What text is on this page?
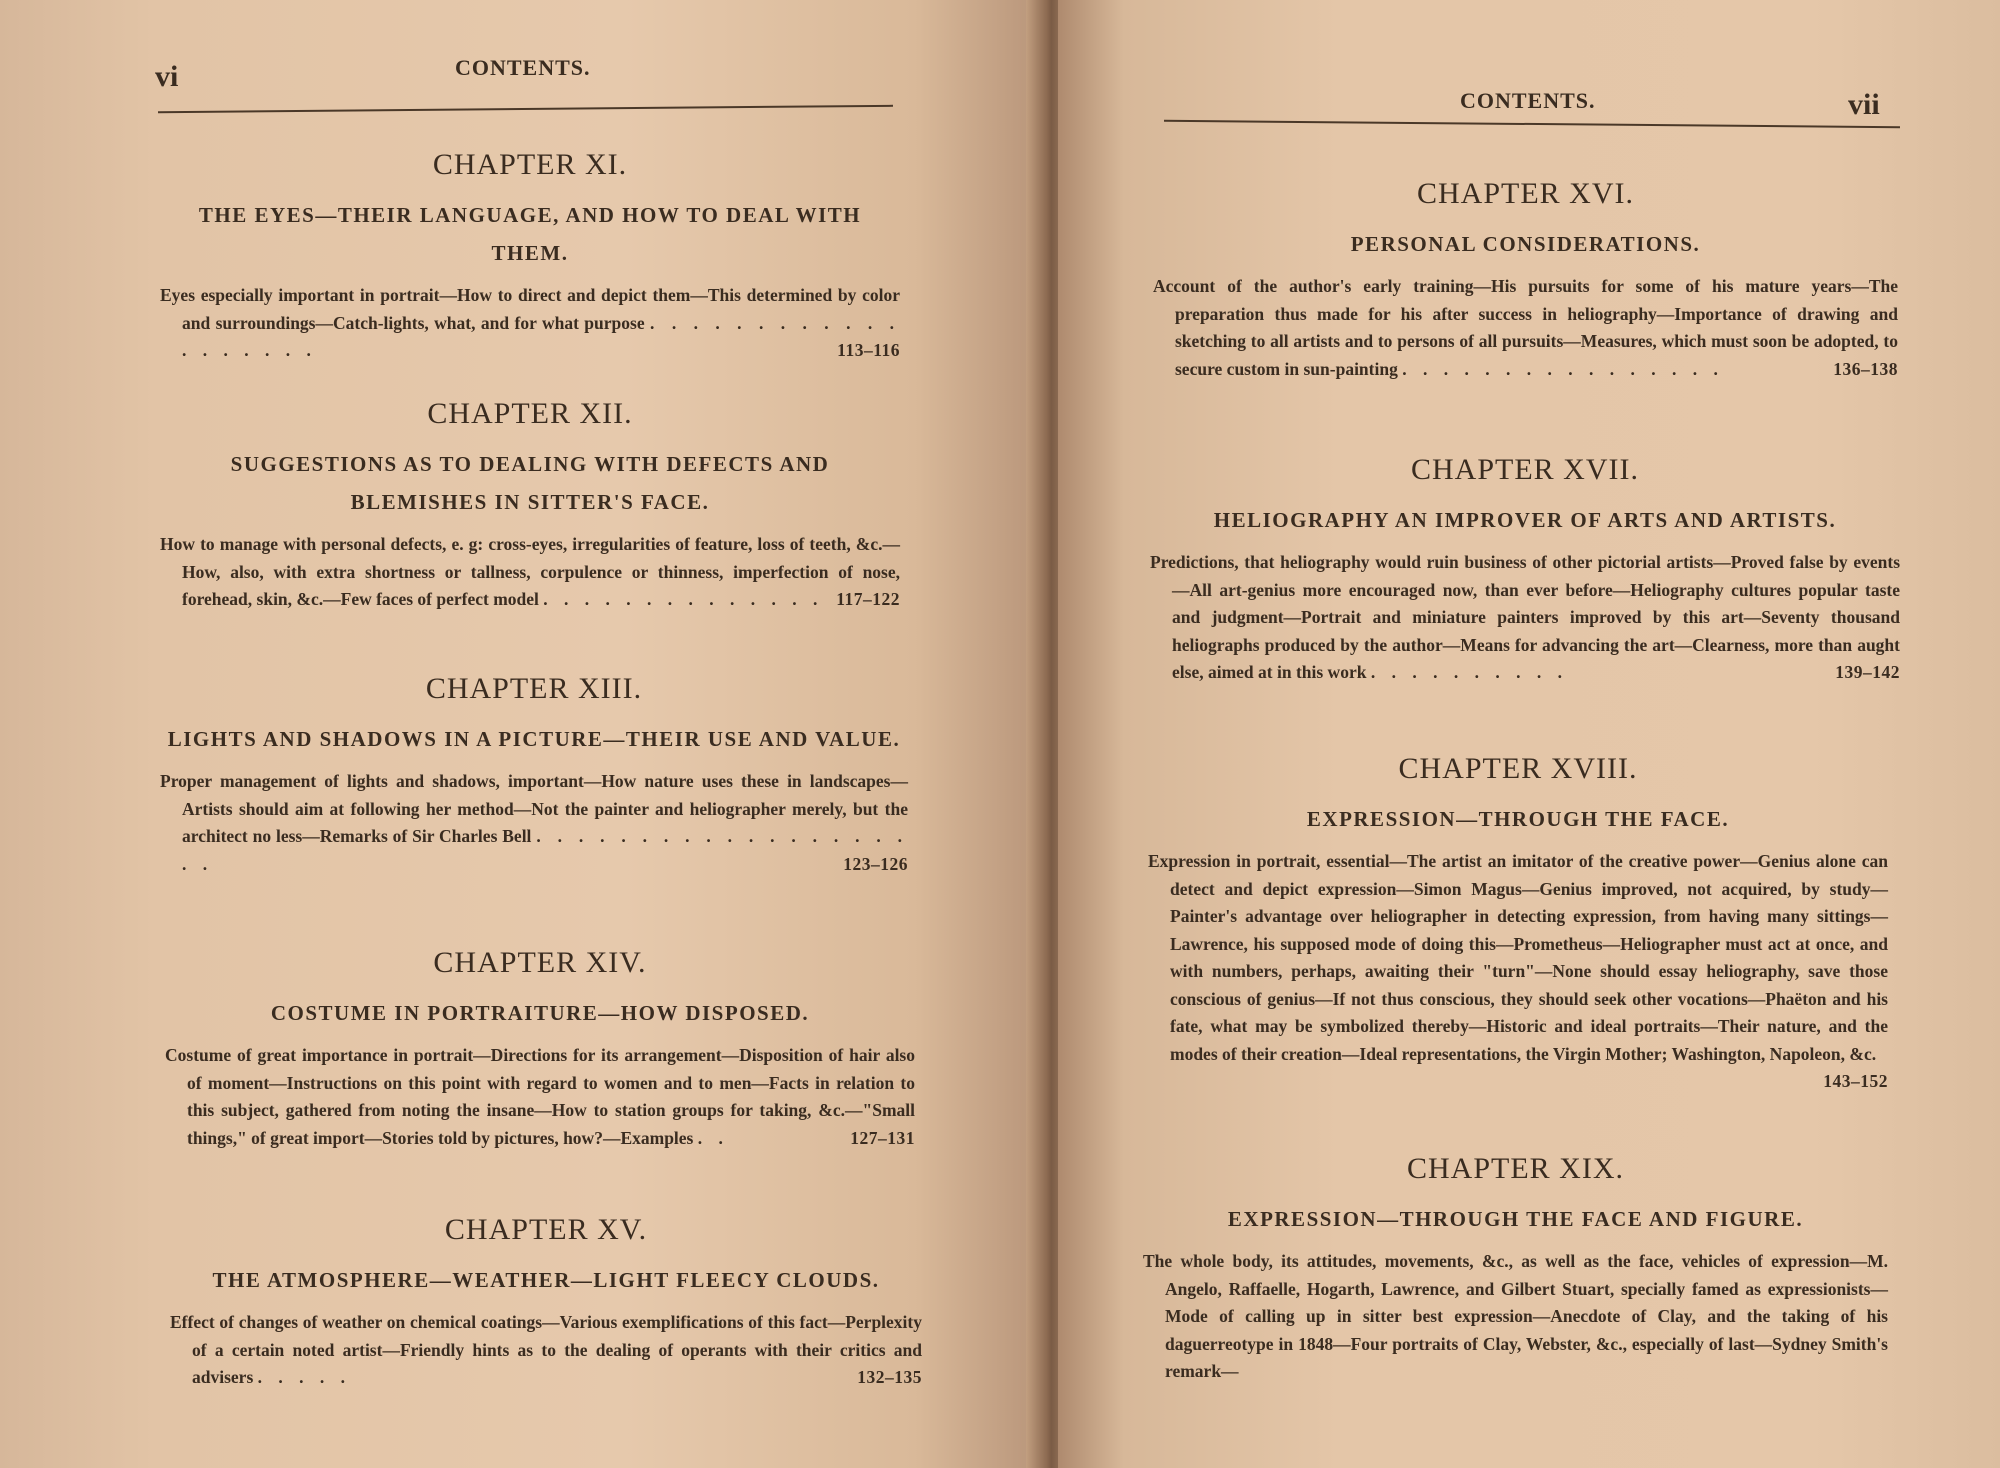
vi	CONTENTS.
CHAPTER XI.

THE EYES—THEIR LANGUAGE, AND HOW TO DEAL WITH THEM.

Eyes especially important in portrait—How to direct and depict them—This determined by color and surroundings—Catch-lights, what, and for what purpose . . . . . . . . . . . . . . . . . . .	113–116

CHAPTER XII.

SUGGESTIONS AS TO DEALING WITH DEFECTS AND BLEMISHES IN SITTER'S FACE.

How to manage with personal defects, e. g: cross-eyes, irregularities of feature, loss of teeth, &c.—How, also, with extra shortness or tallness, corpulence or thinness, imperfection of nose, forehead, skin, &c.—Few faces of perfect model . . . . . . . . . . . . . . 117–122

CHAPTER XIII.

LIGHTS AND SHADOWS IN A PICTURE—THEIR USE AND VALUE.

Proper management of lights and shadows, important—How nature uses these in landscapes—Artists should aim at following her method—Not the painter and heliographer merely, but the architect no less—Remarks of Sir Charles Bell . . . . . . . . . . . . . . . . . . . .	123–126

CHAPTER XIV.

COSTUME IN PORTRAITURE—HOW DISPOSED.

Costume of great importance in portrait—Directions for its arrangement—Disposition of hair also of moment—Instructions on this point with regard to women and to men—Facts in relation to this subject, gathered from noting the insane—How to station groups for taking, &c.—"Small things," of great import—Stories told by pictures, how?—Examples . .	127–131

CHAPTER XV.

THE ATMOSPHERE—WEATHER—LIGHT FLEECY CLOUDS.

Effect of changes of weather on chemical coatings—Various exemplifications of this fact—Perplexity of a certain noted artist—Friendly hints as to the dealing of operants with their critics and advisers . . . . .	132–135

CONTENTS.	vii
CHAPTER XVI.

PERSONAL CONSIDERATIONS.

Account of the author's early training—His pursuits for some of his mature years—The preparation thus made for his after success in heliography—Importance of drawing and sketching to all artists and to persons of all pursuits—Measures, which must soon be adopted, to secure custom in sun-painting . . . . . . . . . . . . . . . .	136–138

CHAPTER XVII.

HELIOGRAPHY AN IMPROVER OF ARTS AND ARTISTS.

Predictions, that heliography would ruin business of other pictorial artists—Proved false by events—All art-genius more encouraged now, than ever before—Heliography cultures popular taste and judgment—Portrait and miniature painters improved by this art—Seventy thousand heliographs produced by the author—Means for advancing the art—Clearness, more than aught else, aimed at in this work . . . . . . . . . .	139–142

CHAPTER XVIII.

EXPRESSION—THROUGH THE FACE.

Expression in portrait, essential—The artist an imitator of the creative power—Genius alone can detect and depict expression—Simon Magus—Genius improved, not acquired, by study—Painter's advantage over heliographer in detecting expression, from having many sittings—Lawrence, his supposed mode of doing this—Prometheus—Heliographer must act at once, and with numbers, perhaps, awaiting their "turn"—None should essay heliography, save those conscious of genius—If not thus conscious, they should seek other vocations—Phaëton and his fate, what may be symbolized thereby—Historic and ideal portraits—Their nature, and the modes of their creation—Ideal representations, the Virgin Mother; Washington, Napoleon, &c.
143–152

CHAPTER XIX.

EXPRESSION—THROUGH THE FACE AND FIGURE.

The whole body, its attitudes, movements, &c., as well as the face, vehicles of expression—M. Angelo, Raffaelle, Hogarth, Lawrence, and Gilbert Stuart, specially famed as expressionists—Mode of calling up in sitter best expression—Anecdote of Clay, and the taking of his daguerreotype in 1848—Four portraits of Clay, Webster, &c., especially of last—Sydney Smith's remark—
